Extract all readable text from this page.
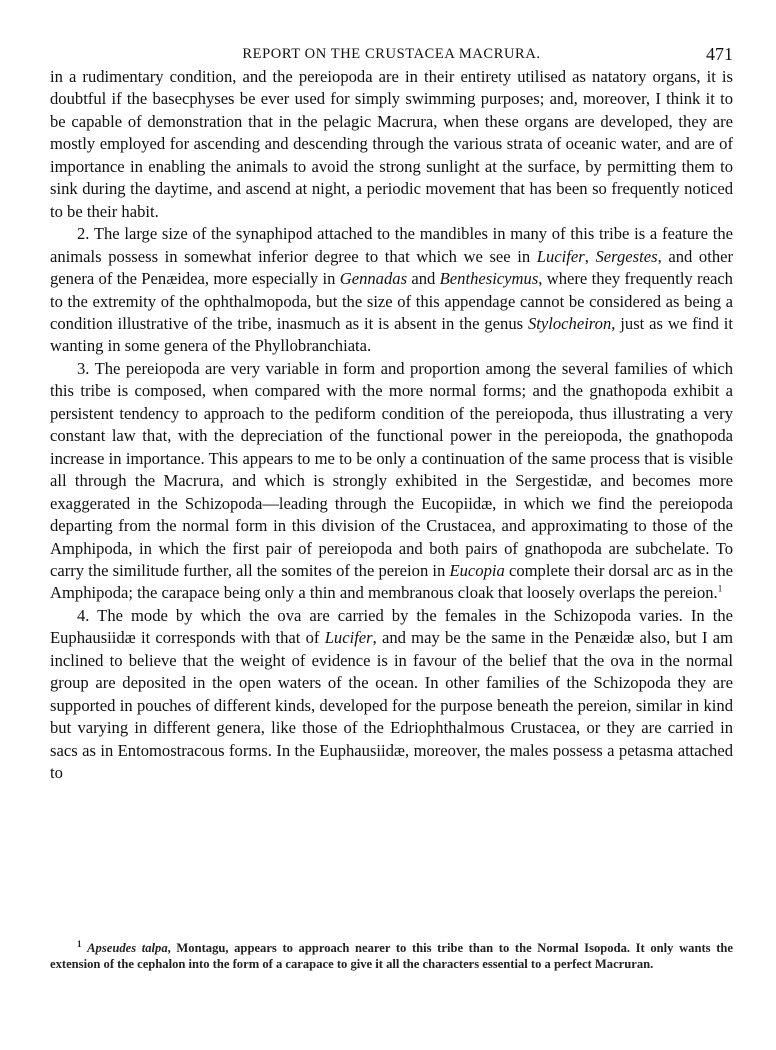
REPORT ON THE CRUSTACEA MACRURA.	471

in a rudimentary condition, and the pereiopoda are in their entirety utilised as natatory organs, it is doubtful if the basecphyses be ever used for simply swimming purposes; and, moreover, I think it to be capable of demonstration that in the pelagic Macrura, when these organs are developed, they are mostly employed for ascending and descending through the various strata of oceanic water, and are of importance in enabling the animals to avoid the strong sunlight at the surface, by permitting them to sink during the daytime, and ascend at night, a periodic movement that has been so frequently noticed to be their habit.

2. The large size of the synaphipod attached to the mandibles in many of this tribe is a feature the animals possess in somewhat inferior degree to that which we see in Lucifer, Sergestes, and other genera of the Penæidea, more especially in Gennadas and Benthesicymus, where they frequently reach to the extremity of the ophthalmopoda, but the size of this appendage cannot be considered as being a condition illustrative of the tribe, inasmuch as it is absent in the genus Stylocheiron, just as we find it wanting in some genera of the Phyllobranchiata.

3. The pereiopoda are very variable in form and proportion among the several families of which this tribe is composed, when compared with the more normal forms; and the gnathopoda exhibit a persistent tendency to approach to the pediform condition of the pereiopoda, thus illustrating a very constant law that, with the depreciation of the functional power in the pereiopoda, the gnathopoda increase in importance. This appears to me to be only a continuation of the same process that is visible all through the Macrura, and which is strongly exhibited in the Sergestidæ, and becomes more exaggerated in the Schizopoda—leading through the Eucopiidæ, in which we find the pereiopoda departing from the normal form in this division of the Crustacea, and approximating to those of the Amphipoda, in which the first pair of pereiopoda and both pairs of gnathopoda are subchelate. To carry the similitude further, all the somites of the pereion in Eucopia complete their dorsal arc as in the Amphipoda; the carapace being only a thin and membranous cloak that loosely overlaps the pereion.$^1$

4. The mode by which the ova are carried by the females in the Schizopoda varies. In the Euphausiidæ it corresponds with that of Lucifer, and may be the same in the Penæidæ also, but I am inclined to believe that the weight of evidence is in favour of the belief that the ova in the normal group are deposited in the open waters of the ocean. In other families of the Schizopoda they are supported in pouches of different kinds, developed for the purpose beneath the pereion, similar in kind but varying in different genera, like those of the Edriophthalmous Crustacea, or they are carried in sacs as in Entomostracous forms. In the Euphausiidæ, moreover, the males possess a petasma attached to

$^1$ Apseudes talpa, Montagu, appears to approach nearer to this tribe than to the Normal Isopoda. It only wants the extension of the cephalon into the form of a carapace to give it all the characters essential to a perfect Macruran.
